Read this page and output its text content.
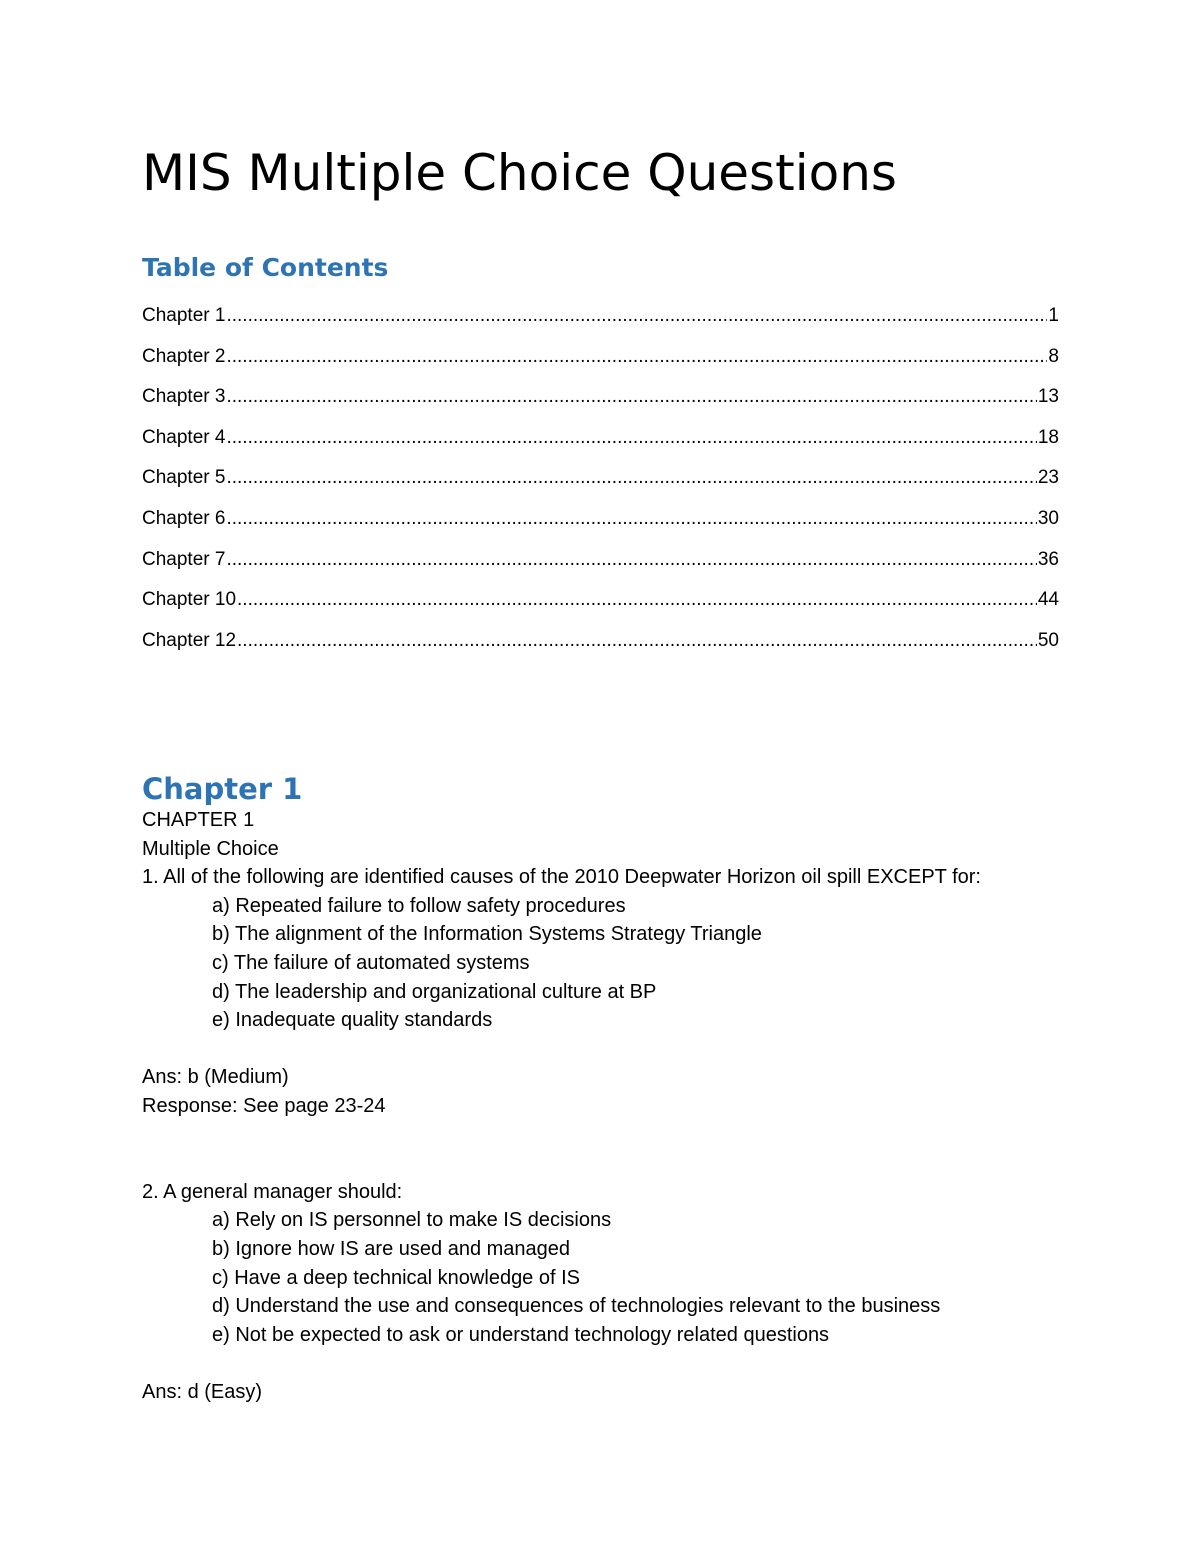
MIS Multiple Choice Questions
Table of Contents
Chapter 1 .....	1
Chapter 2 .....	8
Chapter 3 .....	13
Chapter 4 .....	18
Chapter 5 .....	23
Chapter 6 .....	30
Chapter 7 .....	36
Chapter 10 .....	44
Chapter 12 .....	50
Chapter 1
CHAPTER 1
Multiple Choice
1. All of the following are identified causes of the 2010 Deepwater Horizon oil spill EXCEPT for:
a) Repeated failure to follow safety procedures
b) The alignment of the Information Systems Strategy Triangle
c) The failure of automated systems
d) The leadership and organizational culture at BP
e) Inadequate quality standards
Ans: b (Medium)
Response: See page 23-24
2. A general manager should:
a) Rely on IS personnel to make IS decisions
b) Ignore how IS are used and managed
c) Have a deep technical knowledge of IS
d) Understand the use and consequences of technologies relevant to the business
e) Not be expected to ask or understand technology related questions
Ans: d (Easy)
